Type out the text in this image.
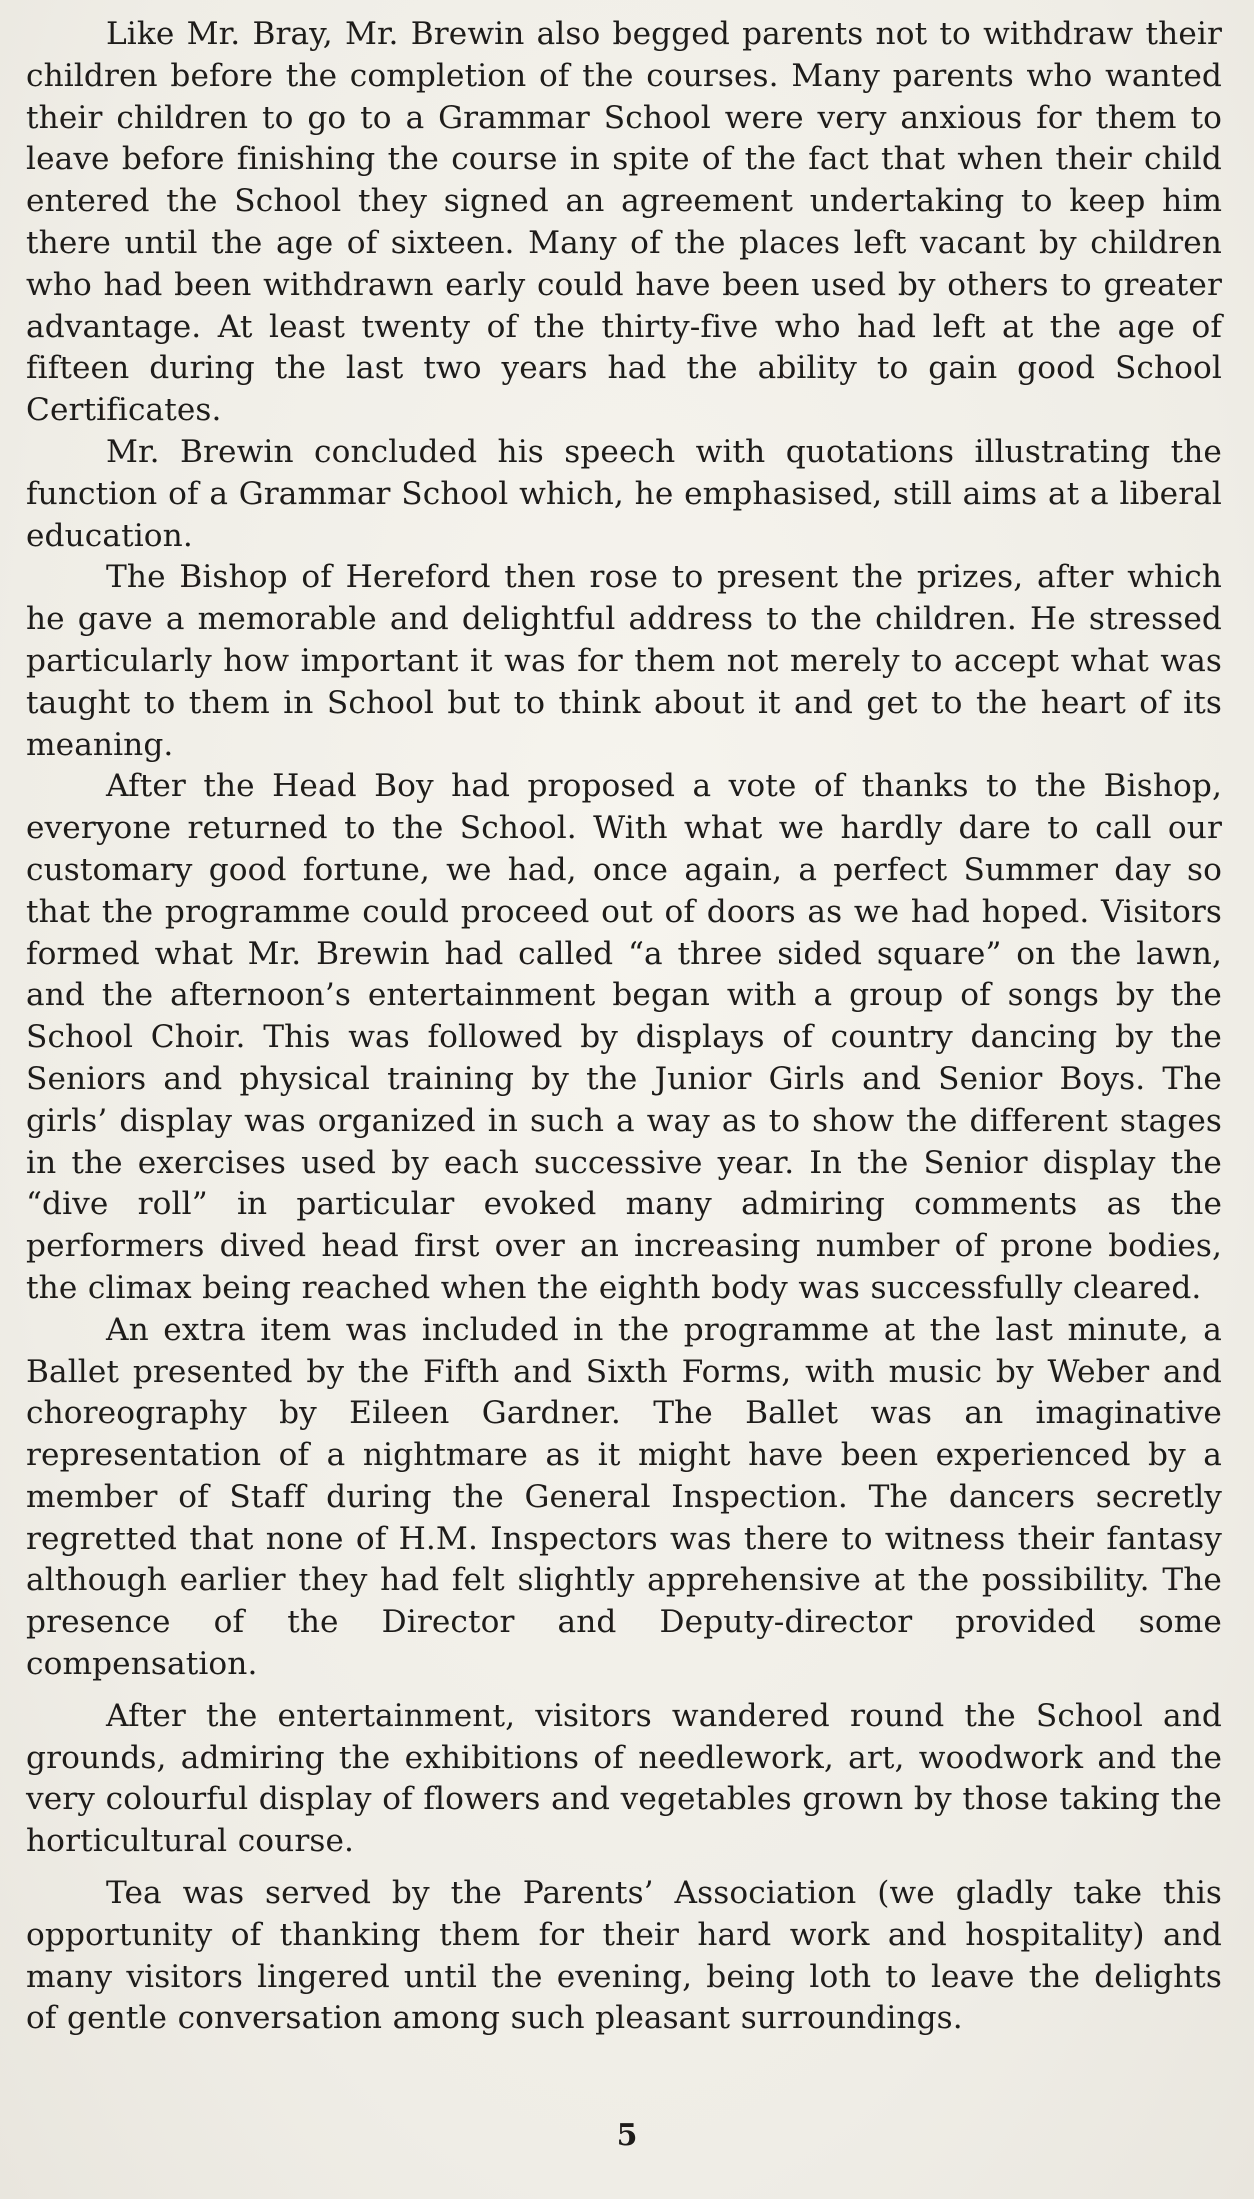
Like Mr. Bray, Mr. Brewin also begged parents not to withdraw their children before the completion of the courses. Many parents who wanted their children to go to a Grammar School were very anxious for them to leave before finishing the course in spite of the fact that when their child entered the School they signed an agreement undertaking to keep him there until the age of sixteen. Many of the places left vacant by children who had been withdrawn early could have been used by others to greater advantage. At least twenty of the thirty-five who had left at the age of fifteen during the last two years had the ability to gain good School Certificates.

Mr. Brewin concluded his speech with quotations illustrating the function of a Grammar School which, he emphasised, still aims at a liberal education.

The Bishop of Hereford then rose to present the prizes, after which he gave a memorable and delightful address to the children. He stressed particularly how important it was for them not merely to accept what was taught to them in School but to think about it and get to the heart of its meaning.

After the Head Boy had proposed a vote of thanks to the Bishop, everyone returned to the School. With what we hardly dare to call our customary good fortune, we had, once again, a perfect Summer day so that the programme could proceed out of doors as we had hoped. Visitors formed what Mr. Brewin had called “a three sided square” on the lawn, and the afternoon’s entertainment began with a group of songs by the School Choir. This was followed by displays of country dancing by the Seniors and physical training by the Junior Girls and Senior Boys. The girls’ display was organized in such a way as to show the different stages in the exercises used by each successive year. In the Senior display the “dive roll” in particular evoked many admiring comments as the performers dived head first over an increasing number of prone bodies, the climax being reached when the eighth body was successfully cleared.

An extra item was included in the programme at the last minute, a Ballet presented by the Fifth and Sixth Forms, with music by Weber and choreography by Eileen Gardner. The Ballet was an imaginative representation of a nightmare as it might have been experienced by a member of Staff during the General Inspection. The dancers secretly regretted that none of H.M. Inspectors was there to witness their fantasy although earlier they had felt slightly apprehensive at the possibility. The presence of the Director and Deputy-director provided some compensation.

After the entertainment, visitors wandered round the School and grounds, admiring the exhibitions of needlework, art, woodwork and the very colourful display of flowers and vegetables grown by those taking the horticultural course.

Tea was served by the Parents’ Association (we gladly take this opportunity of thanking them for their hard work and hospitality) and many visitors lingered until the evening, being loth to leave the delights of gentle conversation among such pleasant surroundings.

5
